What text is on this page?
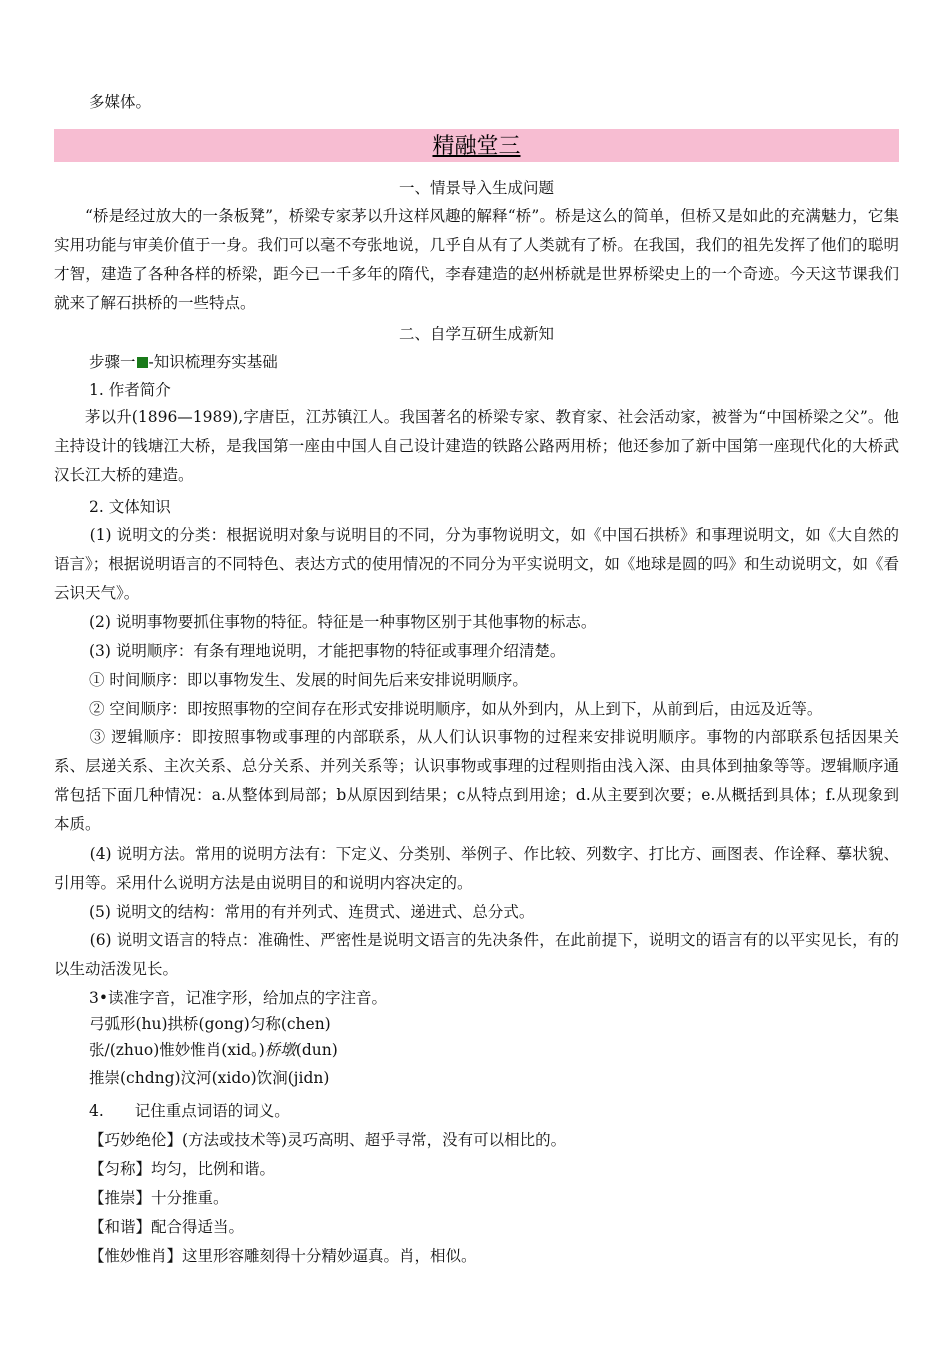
多媒体。
精融堂三
一、情景导入生成问题
“桥是经过放大的一条板凳”，桥梁专家茅以升这样风趣的解释“桥”。桥是这么的简单，但桥又是如此的充满魅力，它集实用功能与审美价值于一身。我们可以毫不夸张地说，几乎自从有了人类就有了桥。在我国，我们的祖先发挥了他们的聪明才智，建造了各种各样的桥梁，距今已一千多年的隋代，李春建造的赵州桥就是世界桥梁史上的一个奇迹。今天这节课我们就来了解石拱桥的一些特点。
二、自学互研生成新知
步骤一 -知识梳理夯实基础
1. 作者简介
茅以升(1896—1989),字唐臣，江苏镇江人。我国著名的桥梁专家、教育家、社会活动家，被誉为“中国桥梁之父”。他主持设计的钱塘江大桥，是我国第一座由中国人自己设计建造的铁路公路两用桥；他还参加了新中国第一座现代化的大桥武汉长江大桥的建造。
2. 文体知识
(1) 说明文的分类：根据说明对象与说明目的不同，分为事物说明文，如《中国石拱桥》和事理说明文，如《大自然的语言》；根据说明语言的不同特色、表达方式的使用情况的不同分为平实说明文，如《地球是圆的吗》和生动说明文，如《看云识天气》。
(2) 说明事物要抓住事物的特征。特征是一种事物区别于其他事物的标志。
(3) 说明顺序：有条有理地说明，才能把事物的特征或事理介绍清楚。
① 时间顺序：即以事物发生、发展的时间先后来安排说明顺序。
② 空间顺序：即按照事物的空间存在形式安排说明顺序，如从外到内，从上到下，从前到后，由远及近等。
③ 逻辑顺序：即按照事物或事理的内部联系，从人们认识事物的过程来安排说明顺序。事物的内部联系包括因果关系、层递关系、主次关系、总分关系、并列关系等；认识事物或事理的过程则指由浅入深、由具体到抽象等等。逻辑顺序通常包括下面几种情况：a.从整体到局部；b从原因到结果；c从特点到用途；d.从主要到次要；e.从概括到具体；f.从现象到本质。
(4) 说明方法。常用的说明方法有：下定义、分类别、举例子、作比较、列数字、打比方、画图表、作诠释、摹状貌、引用等。采用什么说明方法是由说明目的和说明内容决定的。
(5) 说明文的结构：常用的有并列式、连贯式、递进式、总分式。
(6) 说明文语言的特点：准确性、严密性是说明文语言的先决条件，在此前提下，说明文的语言有的以平实见长，有的以生动活泼见长。
3•读准字音，记准字形，给加点的字注音。
弓弧形(hu)拱桥(gong)匀称(chen)
张/(zhuo)惟妙惟肖(xid。)桥墩(dun)
推崇(chdng)汶河(xido)饮涧(jidn)
4.　　记住重点词语的词义。
【巧妙绝伦】(方法或技术等)灵巧高明、超乎寻常，没有可以相比的。
【匀称】均匀，比例和谐。
【推崇】十分推重。
【和谐】配合得适当。
【惟妙惟肖】这里形容雕刻得十分精妙逼真。肖，相似。
